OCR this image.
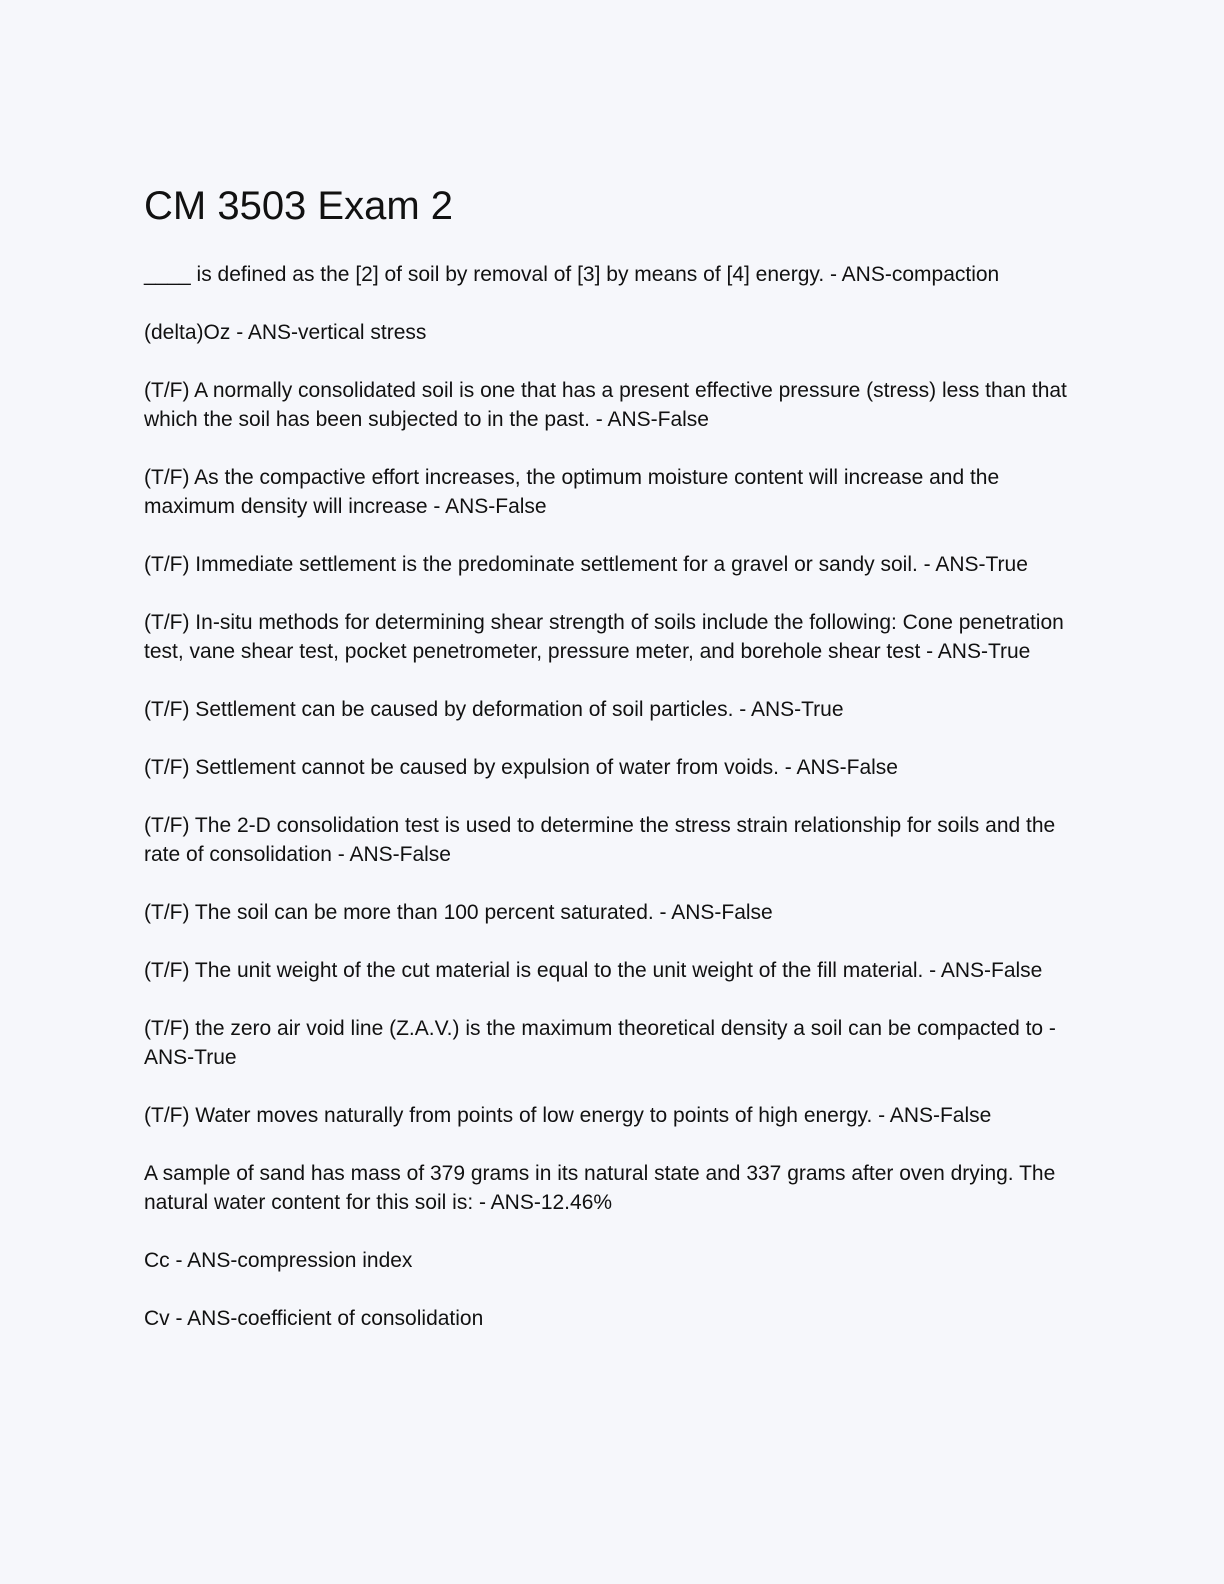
CM 3503 Exam 2
____ is defined as the [2] of soil by removal of [3] by means of [4] energy. - ANS-compaction
(delta)Oz - ANS-vertical stress
(T/F) A normally consolidated soil is one that has a present effective pressure (stress) less than that which the soil has been subjected to in the past. - ANS-False
(T/F) As the compactive effort increases, the optimum moisture content will increase and the maximum density will increase - ANS-False
(T/F) Immediate settlement is the predominate settlement for a gravel or sandy soil. - ANS-True
(T/F) In-situ methods for determining shear strength of soils include the following: Cone penetration test, vane shear test, pocket penetrometer, pressure meter, and borehole shear test - ANS-True
(T/F) Settlement can be caused by deformation of soil particles. - ANS-True
(T/F) Settlement cannot be caused by expulsion of water from voids. - ANS-False
(T/F) The 2-D consolidation test is used to determine the stress strain relationship for soils and the rate of consolidation - ANS-False
(T/F) The soil can be more than 100 percent saturated. - ANS-False
(T/F) The unit weight of the cut material is equal to the unit weight of the fill material. - ANS-False
(T/F) the zero air void line (Z.A.V.) is the maximum theoretical density a soil can be compacted to - ANS-True
(T/F) Water moves naturally from points of low energy to points of high energy. - ANS-False
A sample of sand has mass of 379 grams in its natural state and 337 grams after oven drying. The natural water content for this soil is: - ANS-12.46%
Cc - ANS-compression index
Cv - ANS-coefficient of consolidation
